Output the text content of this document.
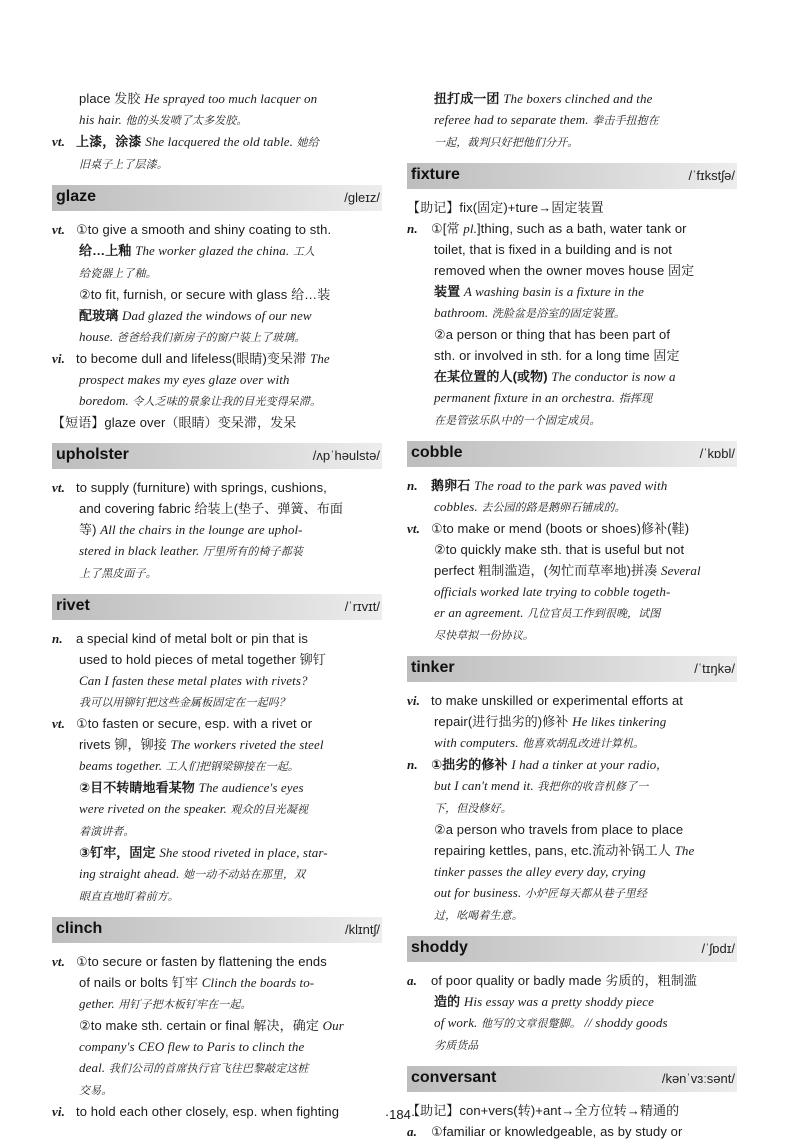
place 发胶 He sprayed too much lacquer on
his hair. 他的头发喷了太多发胶。
vt. 上漆，涂漆 She lacquered the old table. 她给
旧桌子上了层漆。
glaze	/gleɪz/
vt. ①to give a smooth and shiny coating to sth.
给…上釉 The worker glazed the china. 工人
给瓷器上了釉。
②to fit, furnish, or secure with glass 给…装
配玻璃 Dad glazed the windows of our new
house. 爸爸给我们新房子的窗户装上了玻璃。
vi. to become dull and lifeless(眼睛)变呆滞 The
prospect makes my eyes glaze over with
boredom. 令人乏味的景象让我的目光变得呆滞。
【短语】glaze over（眼睛）变呆滞，发呆
upholster	/ʌpˈhəulstə/
vt. to supply (furniture) with springs, cushions,
and covering fabric 给装上(垫子、弹簧、布面
等) All the chairs in the lounge are uphol-
stered in black leather. 厅里所有的椅子都装
上了黑皮面子。
rivet	/ˈrɪvɪt/
n. a special kind of metal bolt or pin that is
used to hold pieces of metal together 铆钉
Can I fasten these metal plates with rivets?
我可以用铆钉把这些金属板固定在一起吗？
vt. ①to fasten or secure, esp. with a rivet or
rivets 铆，铆接 The workers riveted the steel
beams together. 工人们把钢梁铆接在一起。
②目不转睛地看某物 The audience's eyes
were riveted on the speaker. 观众的目光凝视
着演讲者。
③钉牢，固定 She stood riveted in place, star-
ing straight ahead. 她一动不动站在那里，双
眼直直地盯着前方。
clinch	/klɪntʃ/
vt. ①to secure or fasten by flattening the ends
of nails or bolts 钉牢 Clinch the boards to-
gether. 用钉子把木板钉牢在一起。
②to make sth. certain or final 解决，确定 Our
company's CEO flew to Paris to clinch the
deal. 我们公司的首席执行官飞往巴黎敲定这桩
交易。
vi. to hold each other closely, esp. when fighting
扭打成一团 The boxers clinched and the
referee had to separate them. 拳击手扭抱在
一起，裁判只好把他们分开。
fixture	/ˈfɪkstʃə/
【助记】fix(固定)+ture→固定装置
n. ①[常 pl.]thing, such as a bath, water tank or
toilet, that is fixed in a building and is not
removed when the owner moves house 固定
装置 A washing basin is a fixture in the
bathroom. 洗脸盆是浴室的固定装置。
②a person or thing that has been part of
sth. or involved in sth. for a long time 固定
在某位置的人(或物) The conductor is now a
permanent fixture in an orchestra. 指挥现
在是管弦乐队中的一个固定成员。
cobble	/ˈkɒbl/
n. 鹅卵石 The road to the park was paved with
cobbles. 去公园的路是鹅卵石铺成的。
vt. ①to make or mend (boots or shoes)修补(鞋)
②to quickly make sth. that is useful but not
perfect 粗制滥造，(匆忙而草率地)拼凑 Several
officials worked late trying to cobble togeth-
er an agreement. 几位官员工作到很晚，试图
尽快草拟一份协议。
tinker	/ˈtɪŋkə/
vi. to make unskilled or experimental efforts at
repair(进行拙劣的)修补 He likes tinkering
with computers. 他喜欢胡乱改进计算机。
n. ①拙劣的修补 I had a tinker at your radio,
but I can't mend it. 我把你的收音机修了一
下，但没修好。
②a person who travels from place to place
repairing kettles, pans, etc.流动补锅工人 The
tinker passes the alley every day, crying
out for business. 小炉匠每天都从巷子里经
过，吆喝着生意。
shoddy	/ˈʃɒdɪ/
a. of poor quality or badly made 劣质的，粗制滥
造的 His essay was a pretty shoddy piece
of work. 他写的文章很蹩脚。 // shoddy goods
劣质货品
conversant	/kənˈvɜːsənt/
【助记】con+vers(转)+ant→全方位转→精通的
a. ①familiar or knowledgeable, as by study or
·184·
